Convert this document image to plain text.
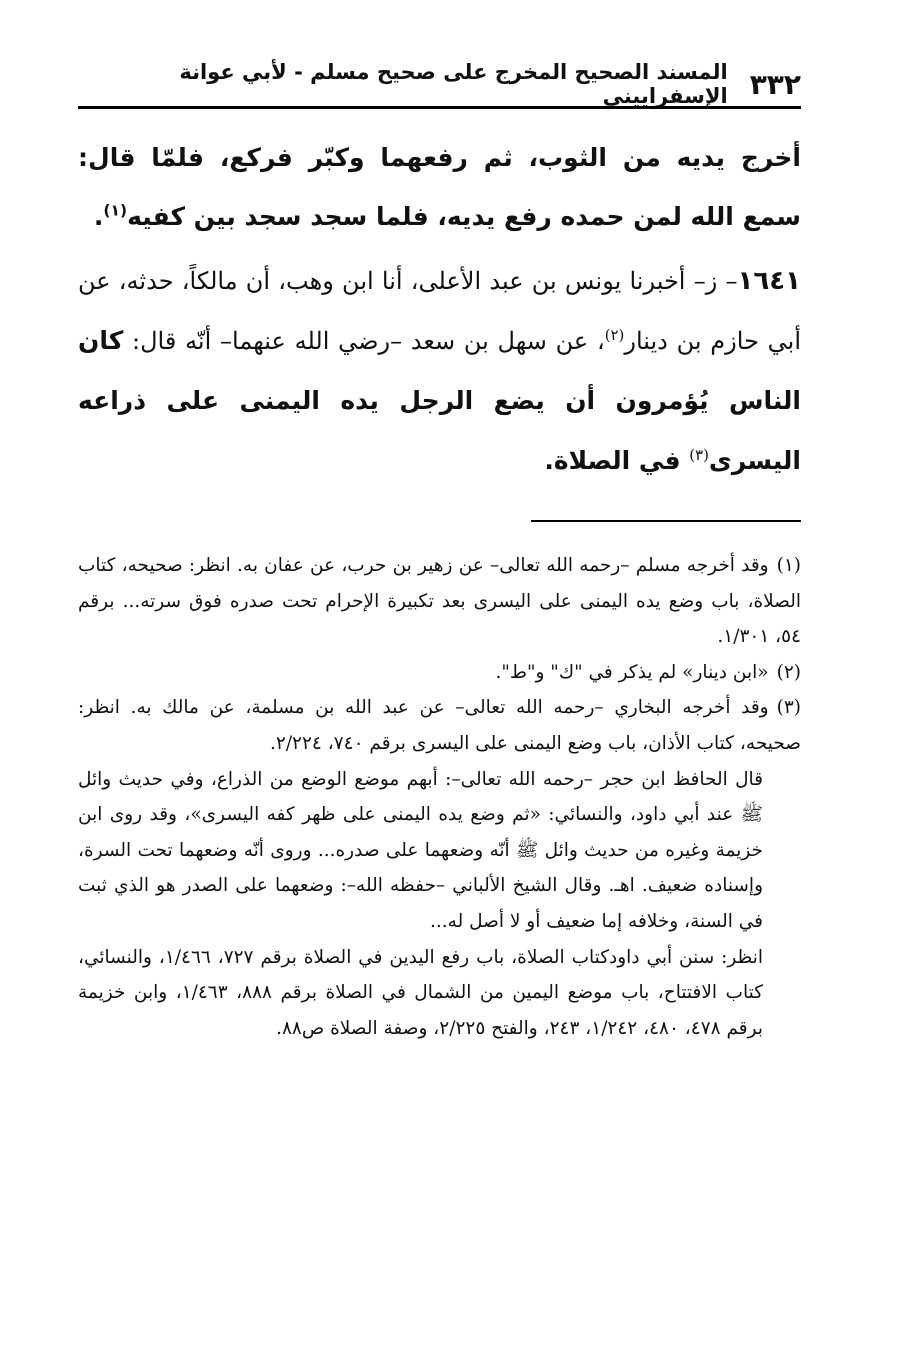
٣٣٢
المسند الصحيح المخرج على صحيح مسلم - لأبي عوانة الإسفراييني

أخرج يديه من الثوب، ثم رفعهما وكبّر فركع، فلمّا قال: سمع الله لمن حمده رفع يديه، فلما سجد سجد بين كفيه$^{(١)}$.

١٦٤١– ز– أخبرنا يونس بن عبد الأعلى، أنا ابن وهب، أن مالكاً، حدثه، عن أبي حازم بن دينار$^{(٢)}$، عن سهل بن سعد –رضي الله عنهما– أنّه قال: كان الناس يُؤمرون أن يضع الرجل يده اليمنى على ذراعه اليسرى$^{(٣)}$ في الصلاة.

(١)وقد أخرجه مسلم –رحمه الله تعالى– عن زهير بن حرب، عن عفان به. انظر: صحيحه، كتاب الصلاة، باب وضع يده اليمنى على اليسرى بعد تكبيرة الإحرام تحت صدره فوق سرته... برقم ٥٤، ١/٣٠١.

(٢)«ابن دينار» لم يذكر في "ك" و"ط".

(٣)وقد أخرجه البخاري –رحمه الله تعالى– عن عبد الله بن مسلمة، عن مالك به. انظر: صحيحه، كتاب الأذان، باب وضع اليمنى على اليسرى برقم ٧٤٠، ٢/٢٢٤.

قال الحافظ ابن حجر –رحمه الله تعالى–: أبهم موضع الوضع من الذراع، وفي حديث وائل ﷺ عند أبي داود، والنسائي: «ثم وضع يده اليمنى على ظهر كفه اليسرى»، وقد روى ابن خزيمة وغيره من حديث وائل ﷺ أنّه وضعهما على صدره... وروى أنّه وضعهما تحت السرة، وإسناده ضعيف. اهـ. وقال الشيخ الألباني –حفظه الله–: وضعهما على الصدر هو الذي ثبت في السنة، وخلافه إما ضعيف أو لا أصل له...

انظر: سنن أبي داودكتاب الصلاة، باب رفع اليدين في الصلاة برقم ٧٢٧، ١/٤٦٦، والنسائي، كتاب الافتتاح، باب موضع اليمين من الشمال في الصلاة برقم ٨٨٨، ١/٤٦٣، وابن خزيمة برقم ٤٧٨، ٤٨٠، ١/٢٤٢، ٢٤٣، والفتح ٢/٢٢٥، وصفة الصلاة ص٨٨.
